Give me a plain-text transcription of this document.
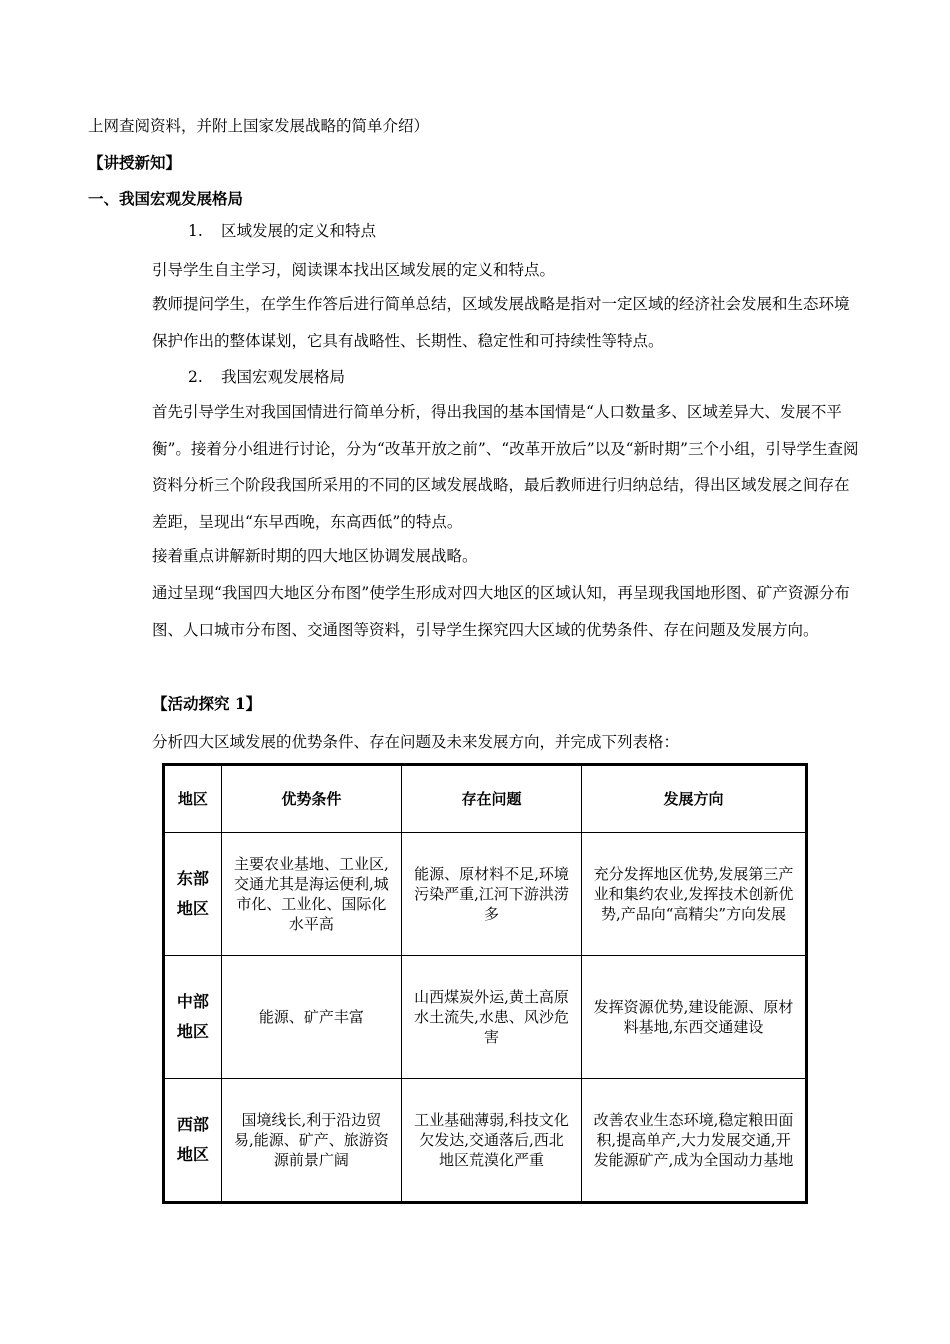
上网查阅资料，并附上国家发展战略的简单介绍）
【讲授新知】
一、我国宏观发展格局
1. 区域发展的定义和特点
引导学生自主学习，阅读课本找出区域发展的定义和特点。
教师提问学生，在学生作答后进行简单总结，区域发展战略是指对一定区域的经济社会发展和生态环境保护作出的整体谋划，它具有战略性、长期性、稳定性和可持续性等特点。
2. 我国宏观发展格局
首先引导学生对我国国情进行简单分析，得出我国的基本国情是“人口数量多、区域差异大、发展不平衡”。接着分小组进行讨论，分为“改革开放之前”、“改革开放后”以及“新时期”三个小组，引导学生查阅资料分析三个阶段我国所采用的不同的区域发展战略，最后教师进行归纳总结，得出区域发展之间存在差距，呈现出“东早西晚，东高西低”的特点。
接着重点讲解新时期的四大地区协调发展战略。
通过呈现“我国四大地区分布图”使学生形成对四大地区的区域认知，再呈现我国地形图、矿产资源分布图、人口城市分布图、交通图等资料，引导学生探究四大区域的优势条件、存在问题及发展方向。
【活动探究 1】
分析四大区域发展的优势条件、存在问题及未来发展方向，并完成下列表格：
地区	优势条件	存在问题	发展方向
东部地区	主要农业基地、工业区,交通尤其是海运便利,城市化、工业化、国际化水平高	能源、原材料不足,环境污染严重,江河下游洪涝多	充分发挥地区优势,发展第三产业和集约农业,发挥技术创新优势,产品向“高精尖”方向发展
中部地区	能源、矿产丰富	山西煤炭外运,黄土高原水土流失,水患、风沙危害	发挥资源优势,建设能源、原材料基地,东西交通建设
西部地区	国境线长,利于沿边贸易,能源、矿产、旅游资源前景广阔	工业基础薄弱,科技文化欠发达,交通落后,西北地区荒漠化严重	改善农业生态环境,稳定粮田面积,提高单产,大力发展交通,开发能源矿产,成为全国动力基地
